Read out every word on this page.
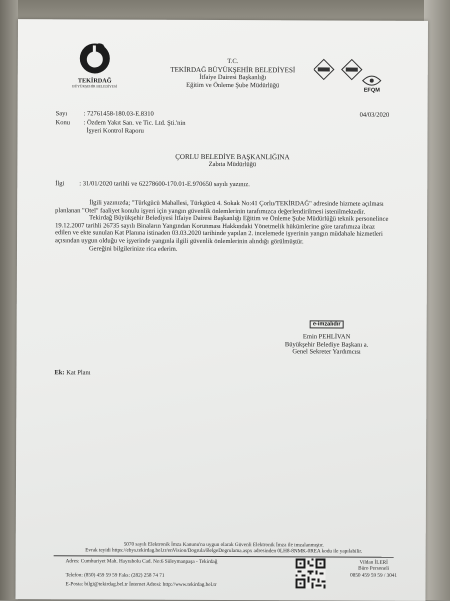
TEKİRDAĞ
BÜYÜKŞEHİR BELEDİYESİ
T.C.
TEKİRDAĞ BÜYÜKŞEHİR BELEDİYESİ
İtfaiye Dairesi Başkanlığı
Eğitim ve Önleme Şube Müdürlüğü
EFQM
Sayı	: 72761458-180.03-E.8310	04/03/2020
Konu : Özdem Yakıt San. ve Tic. Ltd. Şti.'nin
İşyeri Kontrol Raporu
ÇORLU BELEDİYE BAŞKANLIĞINA
Zabıta Müdürlüğü
İlgi : 31/01/2020 tarihli ve 62278600-170.01-E.970650 sayılı yazınız.

İlgili yazınızda; "Türkgücü Mahallesi, Türkgücü 4. Sokak No:41 Çorlu/TEKİRDAĞ" adresinde hizmete açılması planlanan "Otel" faaliyet konulu işyeri için yangın güvenlik önlemlerinin tarafımızca değerlendirilmesi istenilmektedir.

Tekirdağ Büyükşehir Belediyesi İtfaiye Dairesi Başkanlığı Eğitim ve Önleme Şube Müdürlüğü teknik personelince 19.12.2007 tarihli 26735 sayılı Binaların Yangından Korunması Hakkındaki Yönetmelik hükümlerine göre tarafımıza ibraz edilen ve ekte sunulan Kat Planına istinaden 03.03.2020 tarihinde yapılan 2. incelemede işyerinin yangın müdahale hizmetleri açısından uygun olduğu ve işyerinde yangınla ilgili güvenlik önlemlerinin alındığı görülmüştür.

Gereğini bilgilerinize rica ederim.

e-imzalıdır
Emin PEHLİVAN
Büyükşehir Belediye Başkanı a.
Genel Sekreter Yardımcısı
Ek: Kat Planı
5070 sayılı Elektronik İmza Kanunu'na uygun olarak Güvenli Elektronik İmza ile imzalanmıştır.
Evrak teyidi https://ebys.tekirdag.bel.tr/enVision/Dogrula/BelgeDogrulama.aspx adresinden 0LH8-8NMK-0REA kodu ile yapılabilir.
Adres: Cumhuriyet Mah. Hayrabolu Cad. No:6 Süleymanpaşa - Tekirdağ
Telefon: (850) 459 59 59 Faks: (282) 258 74 71
E-Posta: bilgi@tekirdag.bel.tr İnternet Adresi: http://www.tekirdag.bel.tr
Vildan İLERİ
Büro Personeli
0850 459 59 59 / 3041
